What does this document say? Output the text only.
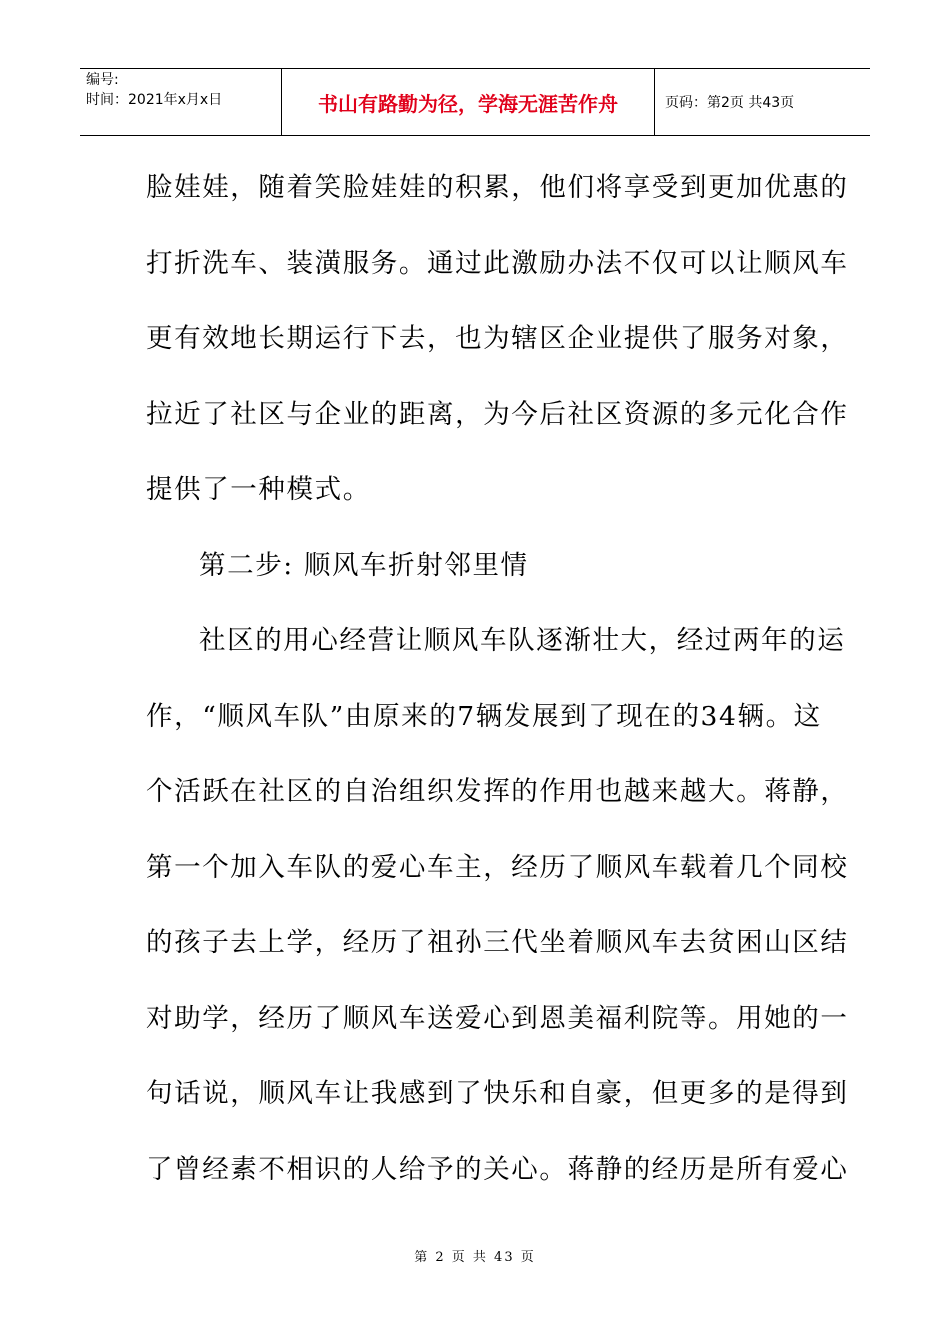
编号:
时间：2021年x月x日	书山有路勤为径，学海无涯苦作舟	页码：第2页 共43页
脸娃娃，随着笑脸娃娃的积累，他们将享受到更加优惠的
打折洗车、装潢服务。通过此激励办法不仅可以让顺风车
更有效地长期运行下去，也为辖区企业提供了服务对象，
拉近了社区与企业的距离，为今后社区资源的多元化合作
提供了一种模式。
第二步: 顺风车折射邻里情
社区的用心经营让顺风车队逐渐壮大，经过两年的运
作，“顺风车队”由原来的7辆发展到了现在的34辆。这
个活跃在社区的自治组织发挥的作用也越来越大。蒋静，
第一个加入车队的爱心车主，经历了顺风车载着几个同校
的孩子去上学，经历了祖孙三代坐着顺风车去贫困山区结
对助学，经历了顺风车送爱心到恩美福利院等。用她的一
句话说，顺风车让我感到了快乐和自豪，但更多的是得到
了曾经素不相识的人给予的关心。蒋静的经历是所有爱心
第 2 页 共 43 页
